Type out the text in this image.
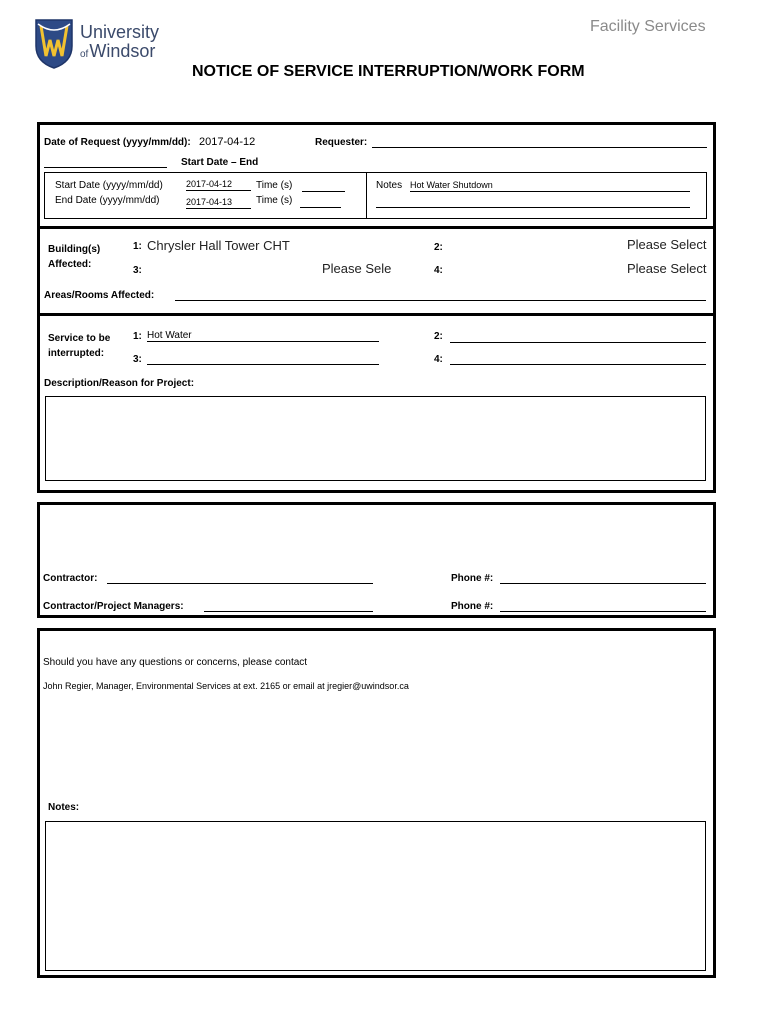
University
ofWindsor
Facility Services
NOTICE OF SERVICE INTERRUPTION/WORK FORM
Date of Request (yyyy/mm/dd): 2017-04-12	Requester:
Start Date – End
Start Date (yyyy/mm/dd)	2017-04-12	Time (s)
End Date (yyyy/mm/dd)	2017-04-13	Time (s)
Notes Hot Water Shutdown
Building(s)
Affected:
1: Chrysler Hall Tower CHT	2:	Please Select
3:	Please Sele	4:	Please Select
Areas/Rooms Affected:
Service to be
interrupted:
1: Hot Water	2:
3:	4:
Description/Reason for Project:
Contractor:	Phone #:
Contractor/Project Managers:	Phone #:
Should you have any questions or concerns, please contact
John Regier, Manager, Environmental Services at ext. 2165 or email at jregier@uwindsor.ca
Notes:
